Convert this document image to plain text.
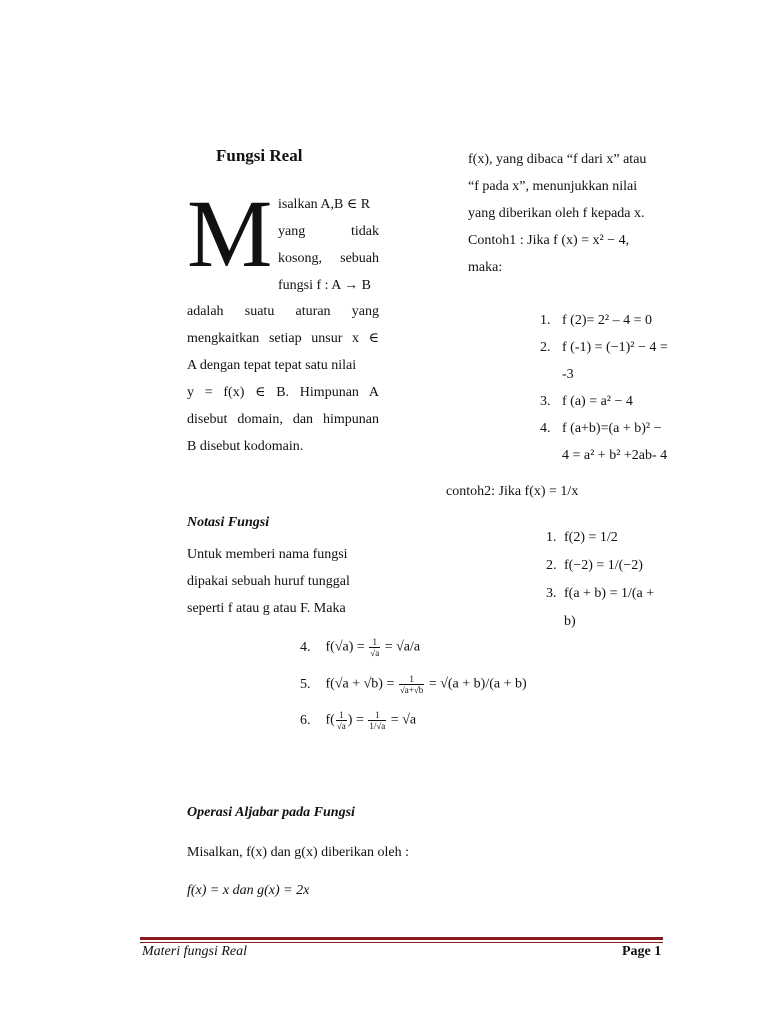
Fungsi Real
M isalkan A,B ∈ R
yang tidak
kosong, sebuah
fungsi f : A → B
adalah suatu aturan yang
mengkaitkan setiap unsur x ∈
A dengan tepat tepat satu nilai
y = f(x) ∈ B. Himpunan A
disebut domain, dan himpunan
B disebut kodomain.
Notasi Fungsi
Untuk memberi nama fungsi
dipakai sebuah huruf tunggal
seperti f atau g atau F. Maka
f(x), yang dibaca “f dari x” atau
“f pada x”, menunjukkan nilai
yang diberikan oleh f kepada x.
Contoh1 : Jika f (x) = x² − 4,
maka:
1. f (2)= 2² – 4 = 0
2. f (-1) = (−1)² − 4 =
-3
3. f (a) = a² − 4
4. f (a+b)=(a + b)² −
4 = a² + b² +2ab- 4
contoh2: Jika f(x) = 1/x
1. f(2) = 1/2
2. f(−2) = 1/(−2)
3. f(a + b) = 1/(a +
b)
4. $f(√a) = \frac{1}{√a} = √a/a$
5. $f(√a + √b) = \frac{1}{√a+√b} = √(a + b)/(a + b)$
6. $f( \frac{1}{√a}$ ) = $\frac{1}{1/√a} = √a$
Operasi Aljabar pada Fungsi
Misalkan, f(x) dan g(x) diberikan oleh :
f(x) = x dan g(x) = 2x
Materi fungsi Real	Page 1
